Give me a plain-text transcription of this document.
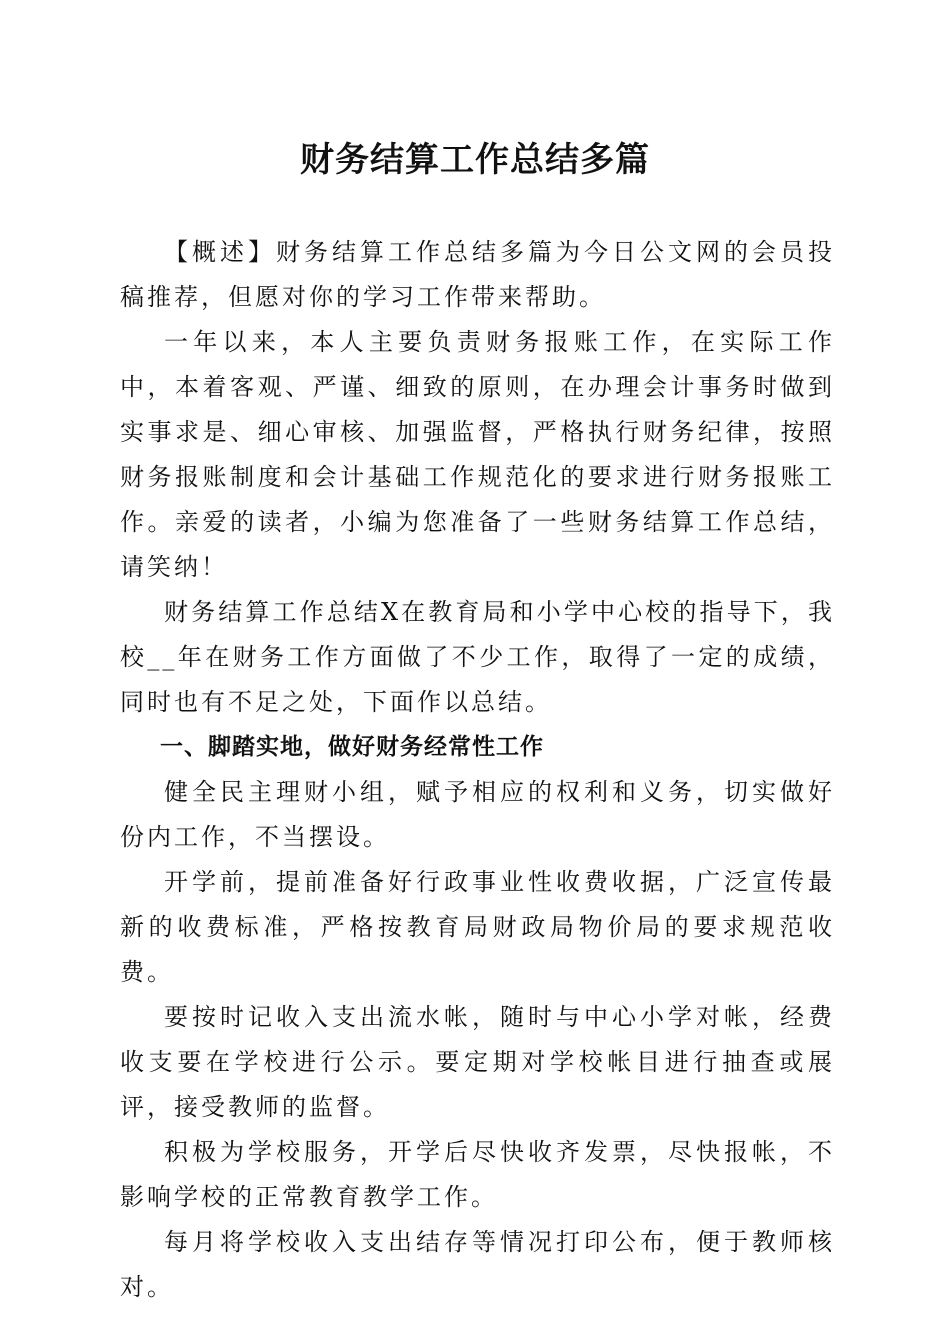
财务结算工作总结多篇

【概述】财务结算工作总结多篇为今日公文网的会员投稿推荐，但愿对你的学习工作带来帮助。

一年以来，本人主要负责财务报账工作，在实际工作中，本着客观、严谨、细致的原则，在办理会计事务时做到实事求是、细心审核、加强监督，严格执行财务纪律，按照财务报账制度和会计基础工作规范化的要求进行财务报账工作。亲爱的读者，小编为您准备了一些财务结算工作总结，请笑纳！

财务结算工作总结X在教育局和小学中心校的指导下，我校__年在财务工作方面做了不少工作，取得了一定的成绩，同时也有不足之处，下面作以总结。

一、脚踏实地，做好财务经常性工作

健全民主理财小组，赋予相应的权利和义务，切实做好份内工作，不当摆设。

开学前，提前准备好行政事业性收费收据，广泛宣传最新的收费标准，严格按教育局财政局物价局的要求规范收费。

要按时记收入支出流水帐，随时与中心小学对帐，经费收支要在学校进行公示。要定期对学校帐目进行抽查或展评，接受教师的监督。

积极为学校服务，开学后尽快收齐发票，尽快报帐，不影响学校的正常教育教学工作。

每月将学校收入支出结存等情况打印公布，便于教师核对。
